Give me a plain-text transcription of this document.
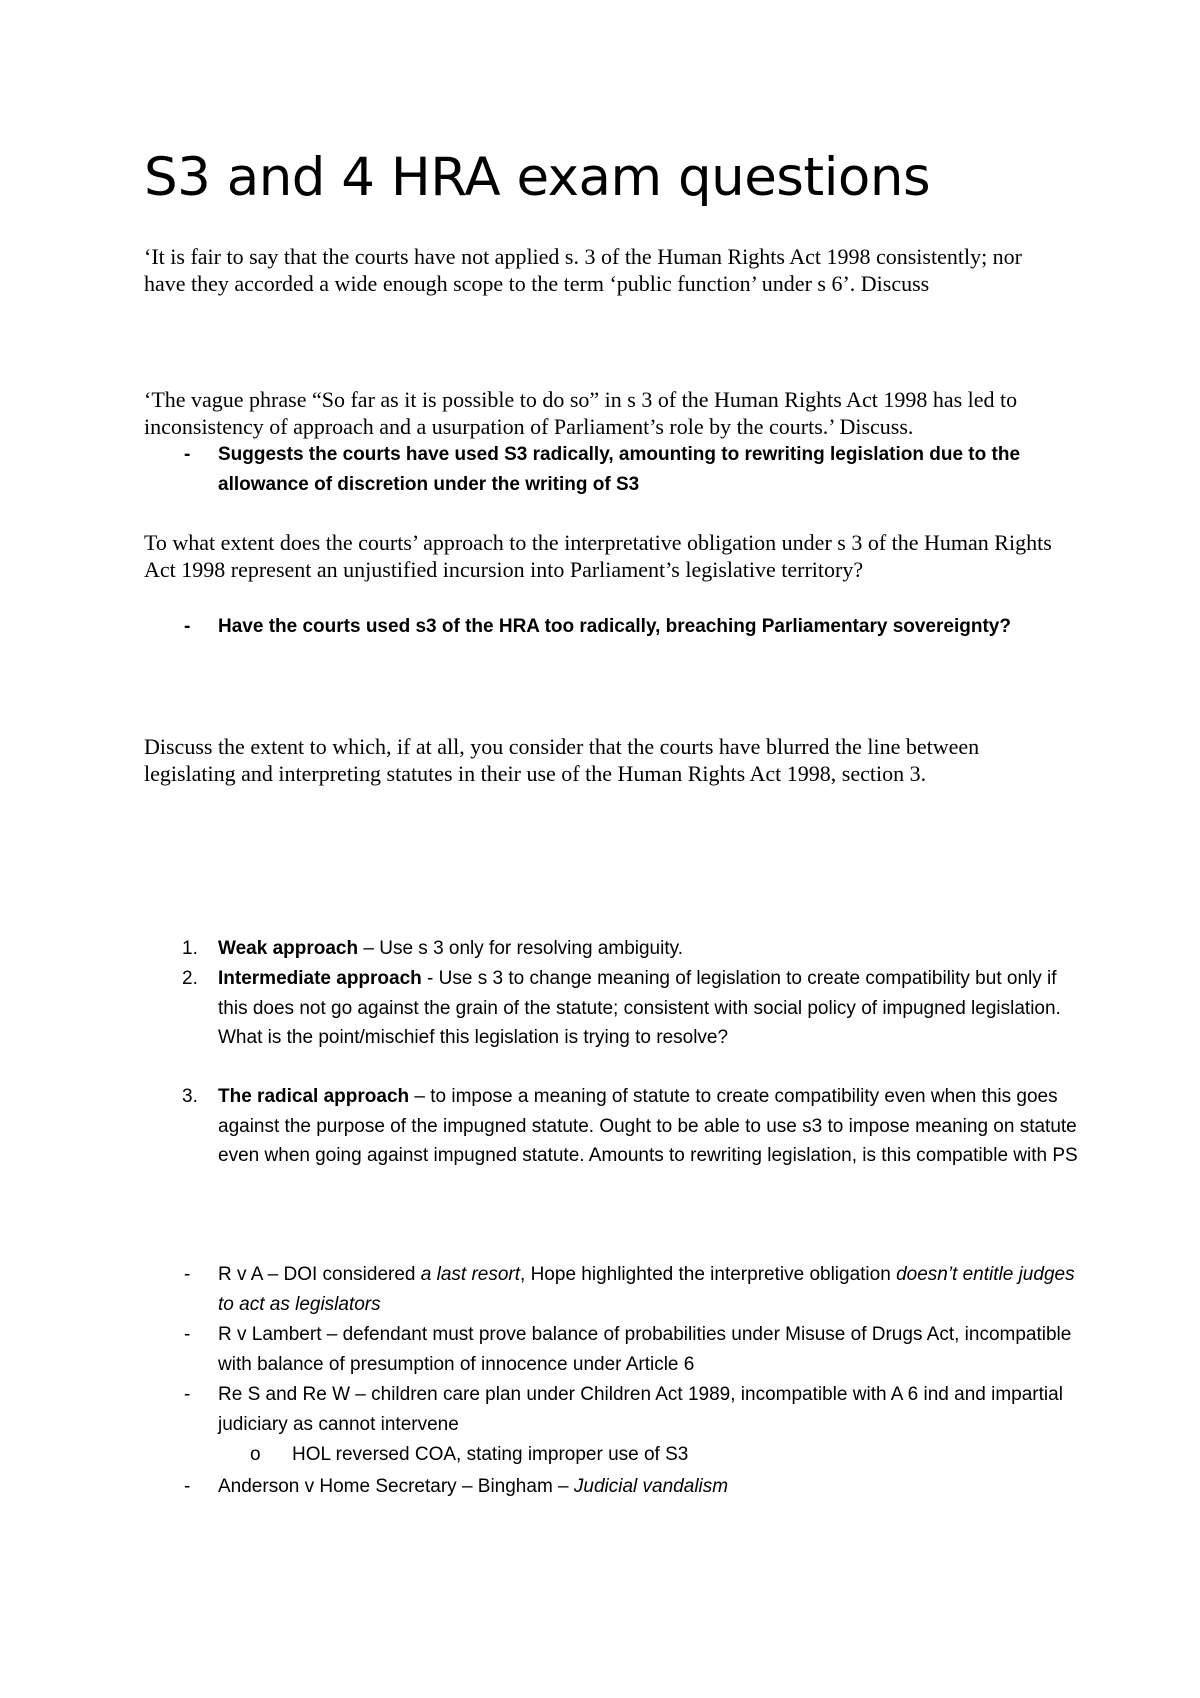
S3 and 4 HRA exam questions

‘It is fair to say that the courts have not applied s. 3 of the Human Rights Act 1998 consistently; nor have they accorded a wide enough scope to the term ‘public function’ under s 6’. Discuss

‘The vague phrase “So far as it is possible to do so” in s 3 of the Human Rights Act 1998 has led to inconsistency of approach and a usurpation of Parliament’s role by the courts.’ Discuss.

- Suggests the courts have used S3 radically, amounting to rewriting legislation due to the allowance of discretion under the writing of S3

To what extent does the courts’ approach to the interpretative obligation under s 3 of the Human Rights Act 1998 represent an unjustified incursion into Parliament’s legislative territory?

- Have the courts used s3 of the HRA too radically, breaching Parliamentary sovereignty?

Discuss the extent to which, if at all, you consider that the courts have blurred the line between legislating and interpreting statutes in their use of the Human Rights Act 1998, section 3.

1. Weak approach – Use s 3 only for resolving ambiguity.
2. Intermediate approach - Use s 3 to change meaning of legislation to create compatibility but only if this does not go against the grain of the statute; consistent with social policy of impugned legislation. What is the point/mischief this legislation is trying to resolve?
3. The radical approach – to impose a meaning of statute to create compatibility even when this goes against the purpose of the impugned statute. Ought to be able to use s3 to impose meaning on statute even when going against impugned statute. Amounts to rewriting legislation, is this compatible with PS
- R v A – DOI considered a last resort, Hope highlighted the interpretive obligation doesn’t entitle judges to act as legislators
- R v Lambert – defendant must prove balance of probabilities under Misuse of Drugs Act, incompatible with balance of presumption of innocence under Article 6
- Re S and Re W – children care plan under Children Act 1989, incompatible with A 6 ind and impartial judiciary as cannot intervene
o HOL reversed COA, stating improper use of S3
- Anderson v Home Secretary – Bingham – Judicial vandalism
